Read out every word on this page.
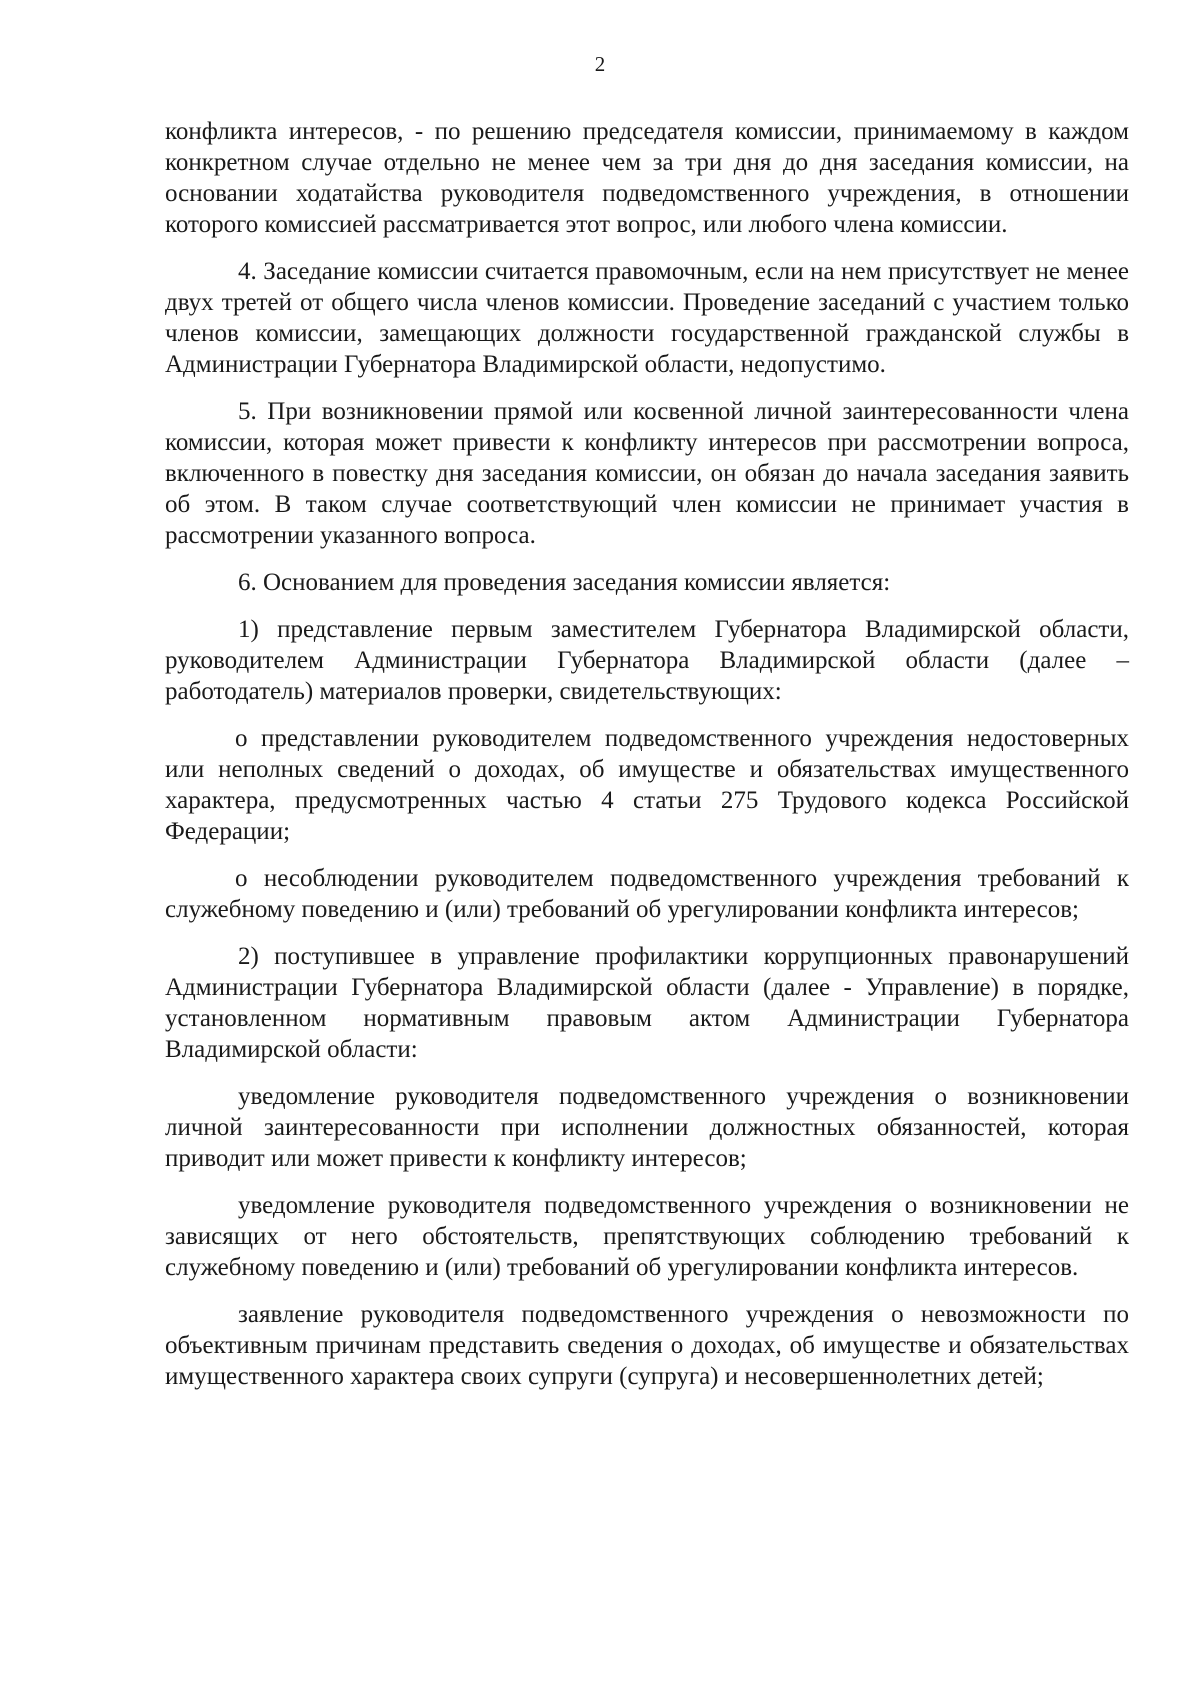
2

конфликта интересов, - по решению председателя комиссии, принимаемому в каждом конкретном случае отдельно не менее чем за три дня до дня заседания комиссии, на основании ходатайства руководителя подведомственного учреждения, в отношении которого комиссией рассматривается этот вопрос, или любого члена комиссии.

4. Заседание комиссии считается правомочным, если на нем присутствует не менее двух третей от общего числа членов комиссии. Проведение заседаний с участием только членов комиссии, замещающих должности государственной гражданской службы в Администрации Губернатора Владимирской области, недопустимо.

5. При возникновении прямой или косвенной личной заинтересованности члена комиссии, которая может привести к конфликту интересов при рассмотрении вопроса, включенного в повестку дня заседания комиссии, он обязан до начала заседания заявить об этом. В таком случае соответствующий член комиссии не принимает участия в рассмотрении указанного вопроса.

6. Основанием для проведения заседания комиссии является:

1) представление первым заместителем Губернатора Владимирской области, руководителем Администрации Губернатора Владимирской области (далее – работодатель) материалов проверки, свидетельствующих:

о представлении руководителем подведомственного учреждения недостоверных или неполных сведений о доходах, об имуществе и обязательствах имущественного характера, предусмотренных частью 4 статьи 275 Трудового кодекса Российской Федерации;

о несоблюдении руководителем подведомственного учреждения требований к служебному поведению и (или) требований об урегулировании конфликта интересов;

2) поступившее в управление профилактики коррупционных правонарушений Администрации Губернатора Владимирской области (далее - Управление) в порядке, установленном нормативным правовым актом Администрации Губернатора Владимирской области:

уведомление руководителя подведомственного учреждения о возникновении личной заинтересованности при исполнении должностных обязанностей, которая приводит или может привести к конфликту интересов;

уведомление руководителя подведомственного учреждения о возникновении не зависящих от него обстоятельств, препятствующих соблюдению требований к служебному поведению и (или) требований об урегулировании конфликта интересов.

заявление руководителя подведомственного учреждения о невозможности по объективным причинам представить сведения о доходах, об имуществе и обязательствах имущественного характера своих супруги (супруга) и несовершеннолетних детей;
